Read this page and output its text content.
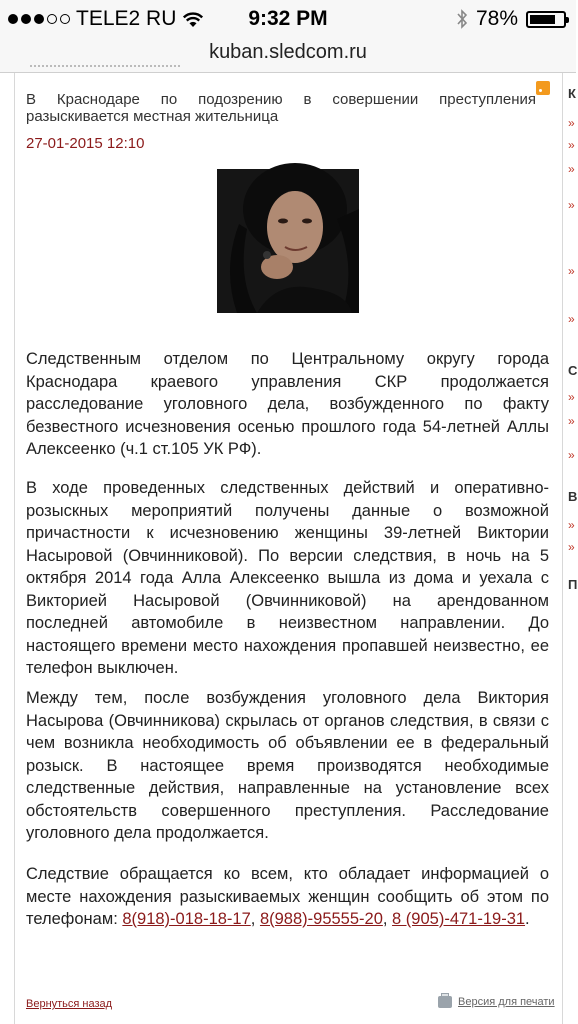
TELE2 RU	9:32 PM	78%
kuban.sledcom.ru
В Краснодаре по подозрению в совершении преступления разыскивается местная жительница
27-01-2015 12:10
Следственным отделом по Центральному округу города Краснодара краевого управления СКР продолжается расследование уголовного дела, возбужденного по факту безвестного исчезновения осенью прошлого года 54-летней Аллы Алексеенко (ч.1 ст.105 УК РФ).
В ходе проведенных следственных действий и оперативно-розыскных мероприятий получены данные о возможной причастности к исчезновению женщины 39-летней Виктории Насыровой (Овчинниковой). По версии следствия, в ночь на 5 октября 2014 года Алла Алексеенко вышла из дома и уехала с Викторией Насыровой (Овчинниковой) на арендованном последней автомобиле в неизвестном направлении. До настоящего времени место нахождения пропавшей неизвестно, ее телефон выключен.
Между тем, после возбуждения уголовного дела Виктория Насырова (Овчинникова) скрылась от органов следствия, в связи с чем возникла необходимость об объявлении ее в федеральный розыск. В настоящее время производятся необходимые следственные действия, направленные на установление всех обстоятельств совершенного преступления. Расследование уголовного дела продолжается.
Следствие обращается ко всем, кто обладает информацией о месте нахождения разыскиваемых женщин сообщить об этом по телефонам: 8(918)-018-18-17, 8(988)-95555-20, 8 (905)-471-19-31.
Вернуться назад	Версия для печати
К
»
»
»
»
»
»
С
»
»
»
В
»
»
П
